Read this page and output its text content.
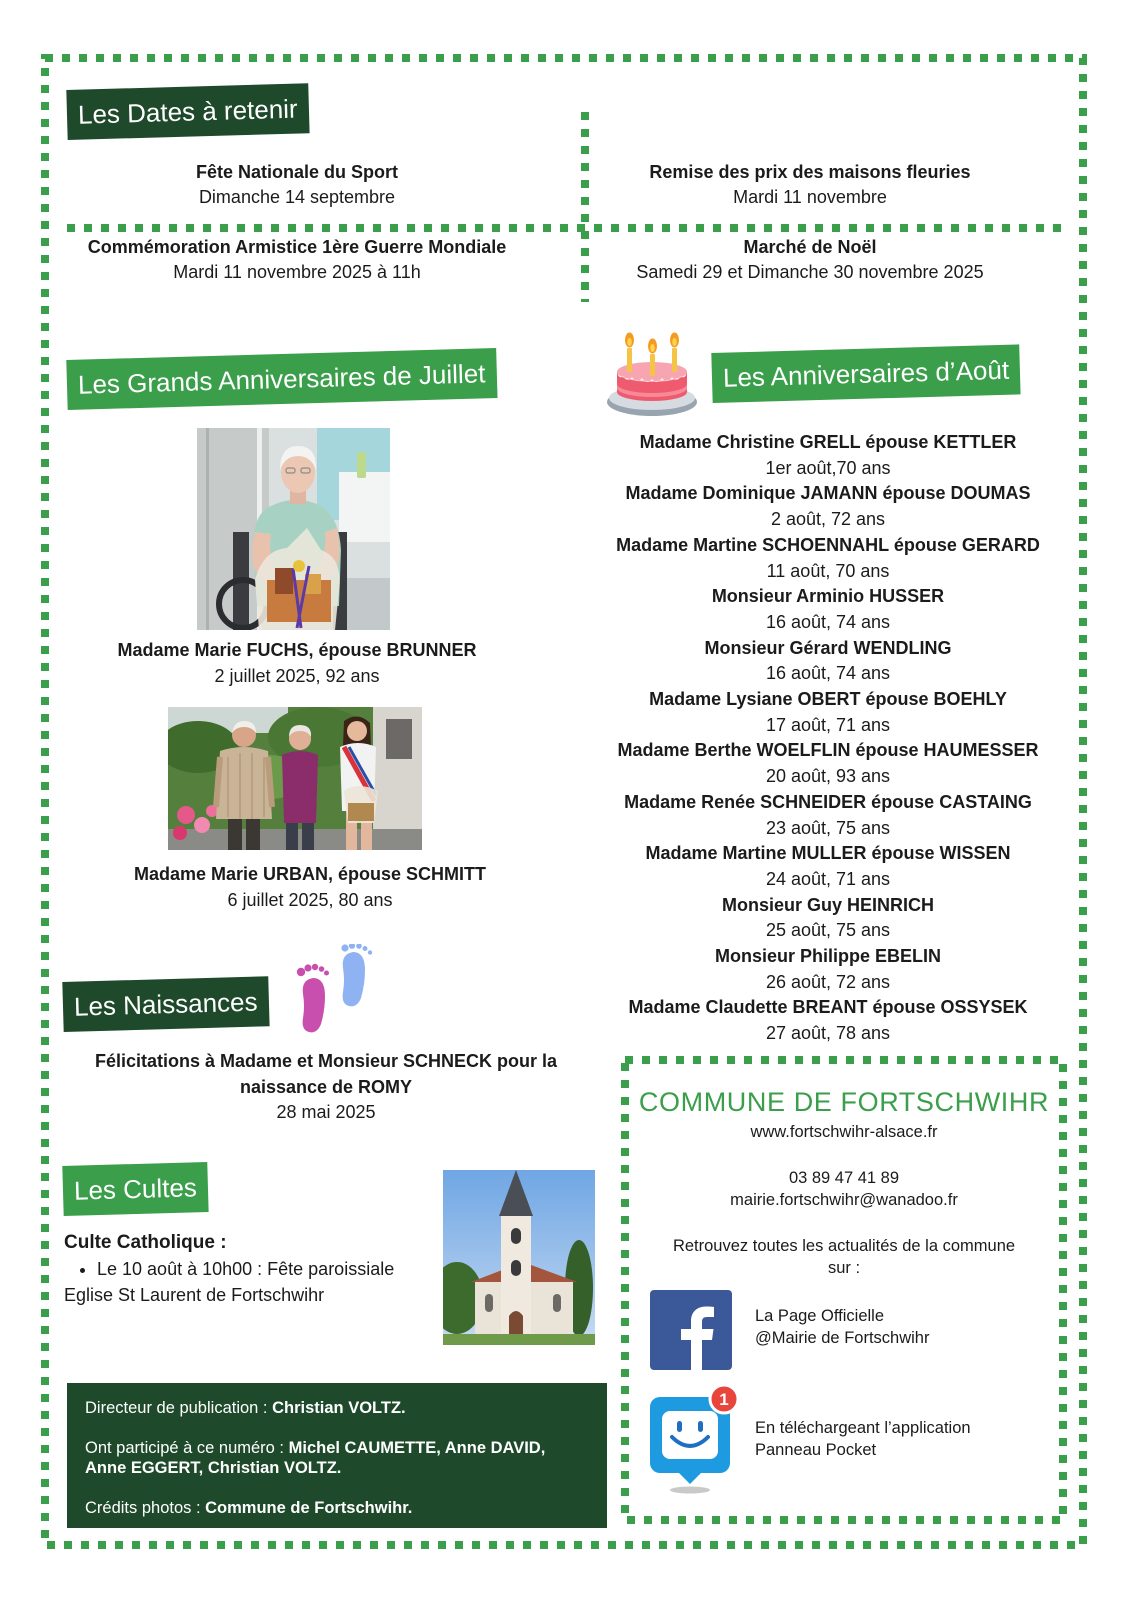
Les Dates à retenir
Fête Nationale du Sport
Dimanche 14 septembre
Remise des prix des maisons fleuries
Mardi 11 novembre
Commémoration Armistice 1ère Guerre Mondiale
Mardi 11 novembre 2025 à 11h
Marché de Noël
Samedi 29 et Dimanche 30 novembre 2025
Les Grands Anniversaires de Juillet
Madame Marie FUCHS, épouse BRUNNER
2 juillet 2025, 92 ans
Madame Marie URBAN, épouse SCHMITT
6 juillet 2025, 80 ans
Les Anniversaires d’Août
Madame Christine GRELL épouse KETTLER
1er août,70 ans
Madame Dominique JAMANN épouse DOUMAS
2 août, 72 ans
Madame Martine SCHOENNAHL épouse GERARD
11 août, 70 ans
Monsieur Arminio HUSSER
16 août, 74 ans
Monsieur Gérard WENDLING
16 août, 74 ans
Madame Lysiane OBERT épouse BOEHLY
17 août, 71 ans
Madame Berthe WOELFLIN épouse HAUMESSER
20 août, 93 ans
Madame Renée SCHNEIDER épouse CASTAING
23 août, 75 ans
Madame Martine MULLER épouse WISSEN
24 août, 71 ans
Monsieur Guy HEINRICH
25 août, 75 ans
Monsieur Philippe EBELIN
26 août, 72 ans
Madame Claudette BREANT épouse OSSYSEK
27 août, 78 ans
Les Naissances
Félicitations à Madame et Monsieur SCHNECK pour la
naissance de ROMY
28 mai 2025
Les Cultes
Culte Catholique :
• Le 10 août à 10h00 : Fête paroissiale
Eglise St Laurent de Fortschwihr

Directeur de publication : Christian VOLTZ.

Ont participé à ce numéro : Michel CAUMETTE, Anne DAVID,
Anne EGGERT, Christian VOLTZ.

Crédits photos : Commune de Fortschwihr.

COMMUNE DE FORTSCHWIHR
www.fortschwihr-alsace.fr
03 89 47 41 89
mairie.fortschwihr@wanadoo.fr
Retrouvez toutes les actualités de la commune
sur :
La Page Officielle
@Mairie de Fortschwihr
1
En téléchargeant l’application
Panneau Pocket
